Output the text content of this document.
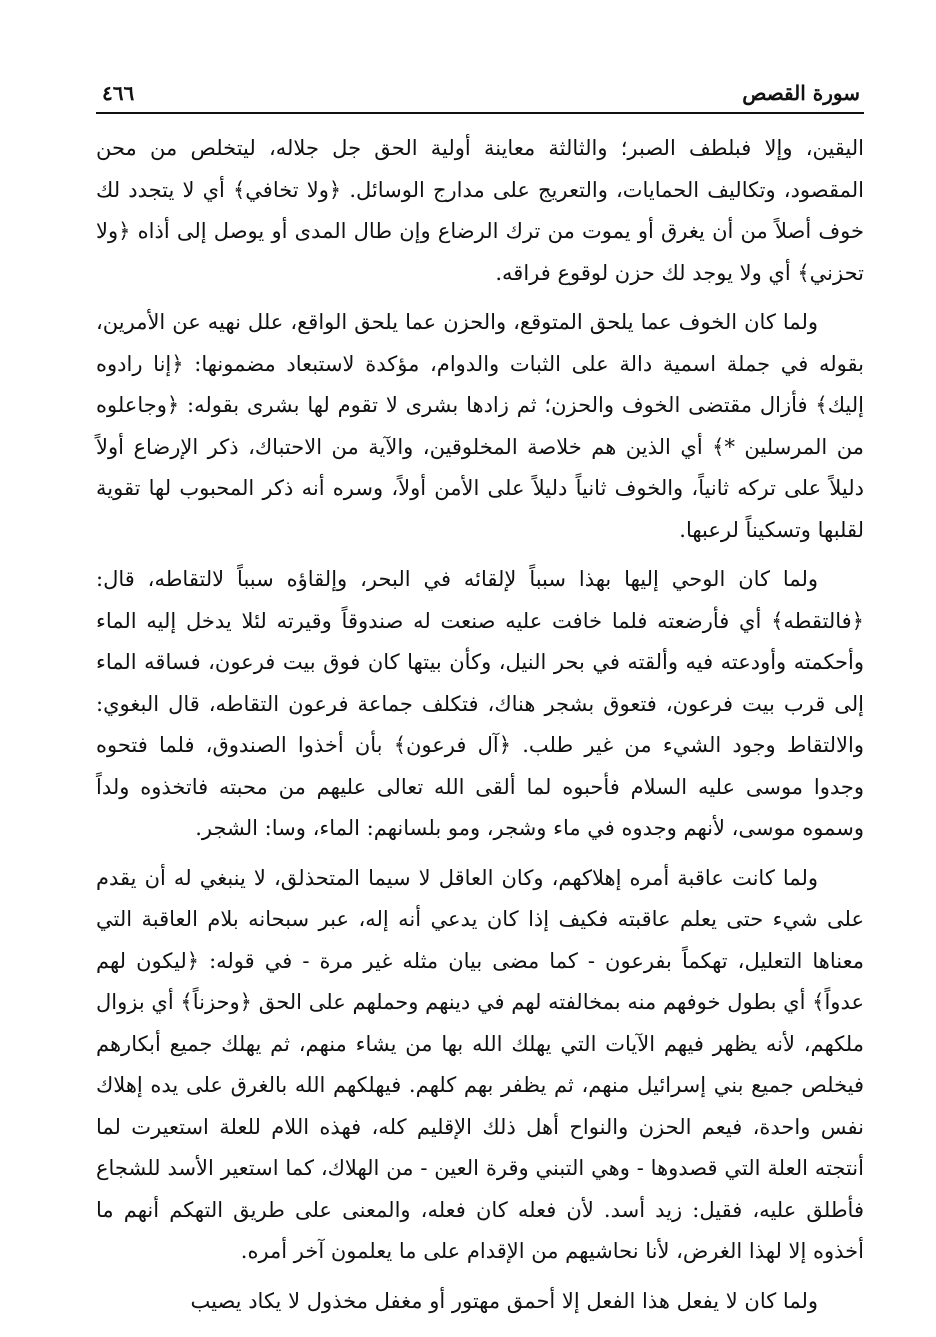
سورة القصص
٤٦٦

اليقين، وإلا فبلطف الصبر؛ والثالثة معاينة أولية الحق جل جلاله، ليتخلص من محن المقصود، وتكاليف الحمايات، والتعريج على مدارج الوسائل. ﴿ولا تخافي﴾ أي لا يتجدد لك خوف أصلاً من أن يغرق أو يموت من ترك الرضاع وإن طال المدى أو يوصل إلى أذاه ﴿ولا تحزني﴾ أي ولا يوجد لك حزن لوقوع فراقه.

ولما كان الخوف عما يلحق المتوقع، والحزن عما يلحق الواقع، علل نهيه عن الأمرين، بقوله في جملة اسمية دالة على الثبات والدوام، مؤكدة لاستبعاد مضمونها: ﴿إنا رادوه إليك﴾ فأزال مقتضى الخوف والحزن؛ ثم زادها بشرى لا تقوم لها بشرى بقوله: ﴿وجاعلوه من المرسلين *﴾ أي الذين هم خلاصة المخلوقين، والآية من الاحتباك، ذكر الإرضاع أولاً دليلاً على تركه ثانياً، والخوف ثانياً دليلاً على الأمن أولاً، وسره أنه ذكر المحبوب لها تقوية لقلبها وتسكيناً لرعبها.

ولما كان الوحي إليها بهذا سبباً لإلقائه في البحر، وإلقاؤه سبباً لالتقاطه، قال: ﴿فالتقطه﴾ أي فأرضعته فلما خافت عليه صنعت له صندوقاً وقيرته لئلا يدخل إليه الماء وأحكمته وأودعته فيه وألقته في بحر النيل، وكأن بيتها كان فوق بيت فرعون، فساقه الماء إلى قرب بيت فرعون، فتعوق بشجر هناك، فتكلف جماعة فرعون التقاطه، قال البغوي: والالتقاط وجود الشيء من غير طلب. ﴿آل فرعون﴾ بأن أخذوا الصندوق، فلما فتحوه وجدوا موسى عليه السلام فأحبوه لما ألقى الله تعالى عليهم من محبته فاتخذوه ولداً وسموه موسى، لأنهم وجدوه في ماء وشجر، ومو بلسانهم: الماء، وسا: الشجر.

ولما كانت عاقبة أمره إهلاكهم، وكان العاقل لا سيما المتحذلق، لا ينبغي له أن يقدم على شيء حتى يعلم عاقبته فكيف إذا كان يدعي أنه إله، عبر سبحانه بلام العاقبة التي معناها التعليل، تهكماً بفرعون - كما مضى بيان مثله غير مرة - في قوله: ﴿ليكون لهم عدواً﴾ أي بطول خوفهم منه بمخالفته لهم في دينهم وحملهم على الحق ﴿وحزناً﴾ أي بزوال ملكهم، لأنه يظهر فيهم الآيات التي يهلك الله بها من يشاء منهم، ثم يهلك جميع أبكارهم فيخلص جميع بني إسرائيل منهم، ثم يظفر بهم كلهم. فيهلكهم الله بالغرق على يده إهلاك نفس واحدة، فيعم الحزن والنواح أهل ذلك الإقليم كله، فهذه اللام للعلة استعيرت لما أنتجته العلة التي قصدوها - وهي التبني وقرة العين - من الهلاك، كما استعير الأسد للشجاع فأطلق عليه، فقيل: زيد أسد. لأن فعله كان فعله، والمعنى على طريق التهكم أنهم ما أخذوه إلا لهذا الغرض، لأنا نحاشيهم من الإقدام على ما يعلمون آخر أمره.

ولما كان لا يفعل هذا الفعل إلا أحمق مهتور أو مغفل مخذول لا يكاد يصيب
